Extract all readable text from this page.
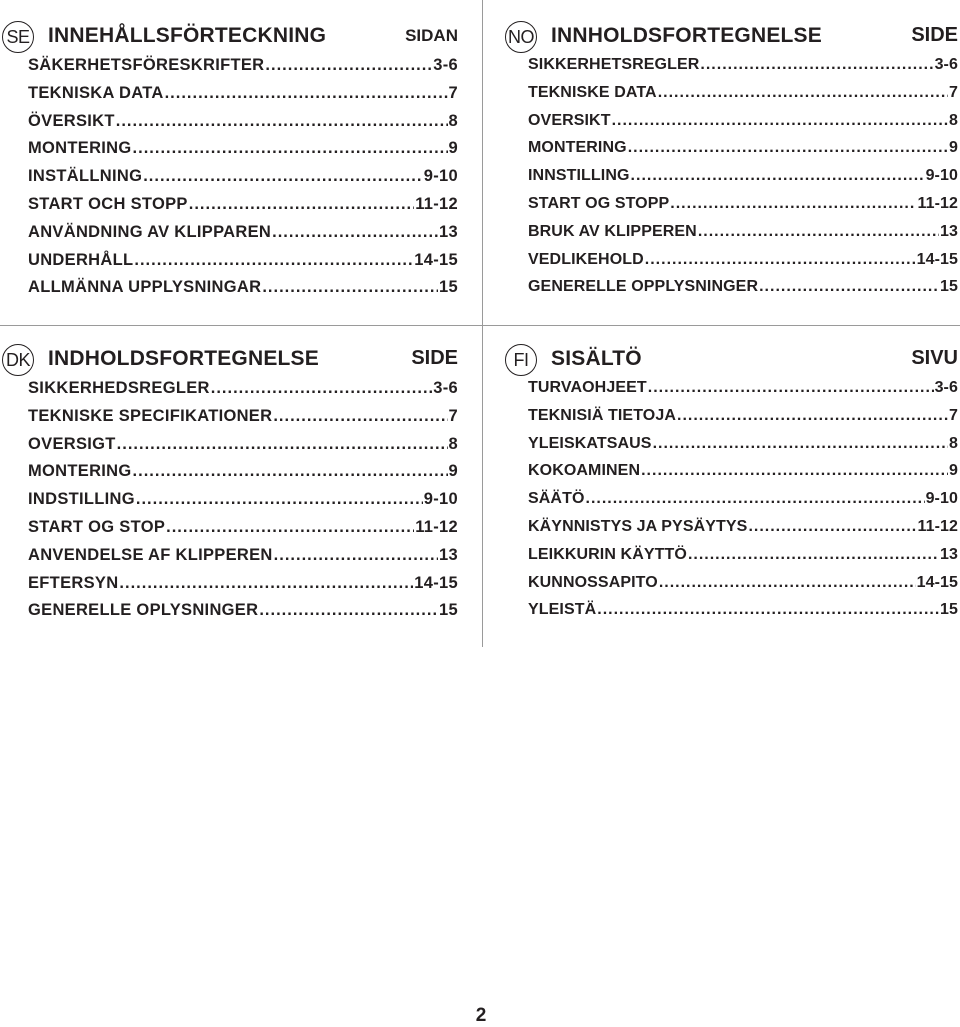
SE INNEHÅLLSFÖRTECKNING	SIDAN
SÄKERHETSFÖRESKRIFTER .....	3-6
TEKNISKA DATA .....	7
ÖVERSIKT .....	8
MONTERING .....	9
INSTÄLLNING .....	9-10
START OCH STOPP .....	11-12
ANVÄNDNING AV KLIPPAREN .....	13
UNDERHÅLL .....	14-15
ALLMÄNNA UPPLYSNINGAR .....	15
NO INNHOLDSFORTEGNELSE	SIDE
SIKKERHETSREGLER .....	3-6
TEKNISKE DATA .....	7
OVERSIKT .....	8
MONTERING .....	9
INNSTILLING .....	9-10
START OG STOPP .....	11-12
BRUK AV KLIPPEREN .....	13
VEDLIKEHOLD .....	14-15
GENERELLE OPPLYSNINGER .....	15
DK INDHOLDSFORTEGNELSE	SIDE
SIKKERHEDSREGLER .....	3-6
TEKNISKE SPECIFIKATIONER .....	7
OVERSIGT .....	8
MONTERING .....	9
INDSTILLING .....	9-10
START OG STOP .....	11-12
ANVENDELSE AF KLIPPEREN .....	13
EFTERSYN .....	14-15
GENERELLE OPLYSNINGER .....	15
FI	SISÄLTÖ	SIVU
TURVAOHJEET .....	3-6
TEKNISIÄ TIETOJA .....	7
YLEISKATSAUS .....	8
KOKOAMINEN .....	9
SÄÄTÖ .....	9-10
KÄYNNISTYS JA PYSÄYTYS .....	11-12
LEIKKURIN KÄYTTÖ .....	13
KUNNOSSAPITO .....	14-15
YLEISTÄ .....	15
2
